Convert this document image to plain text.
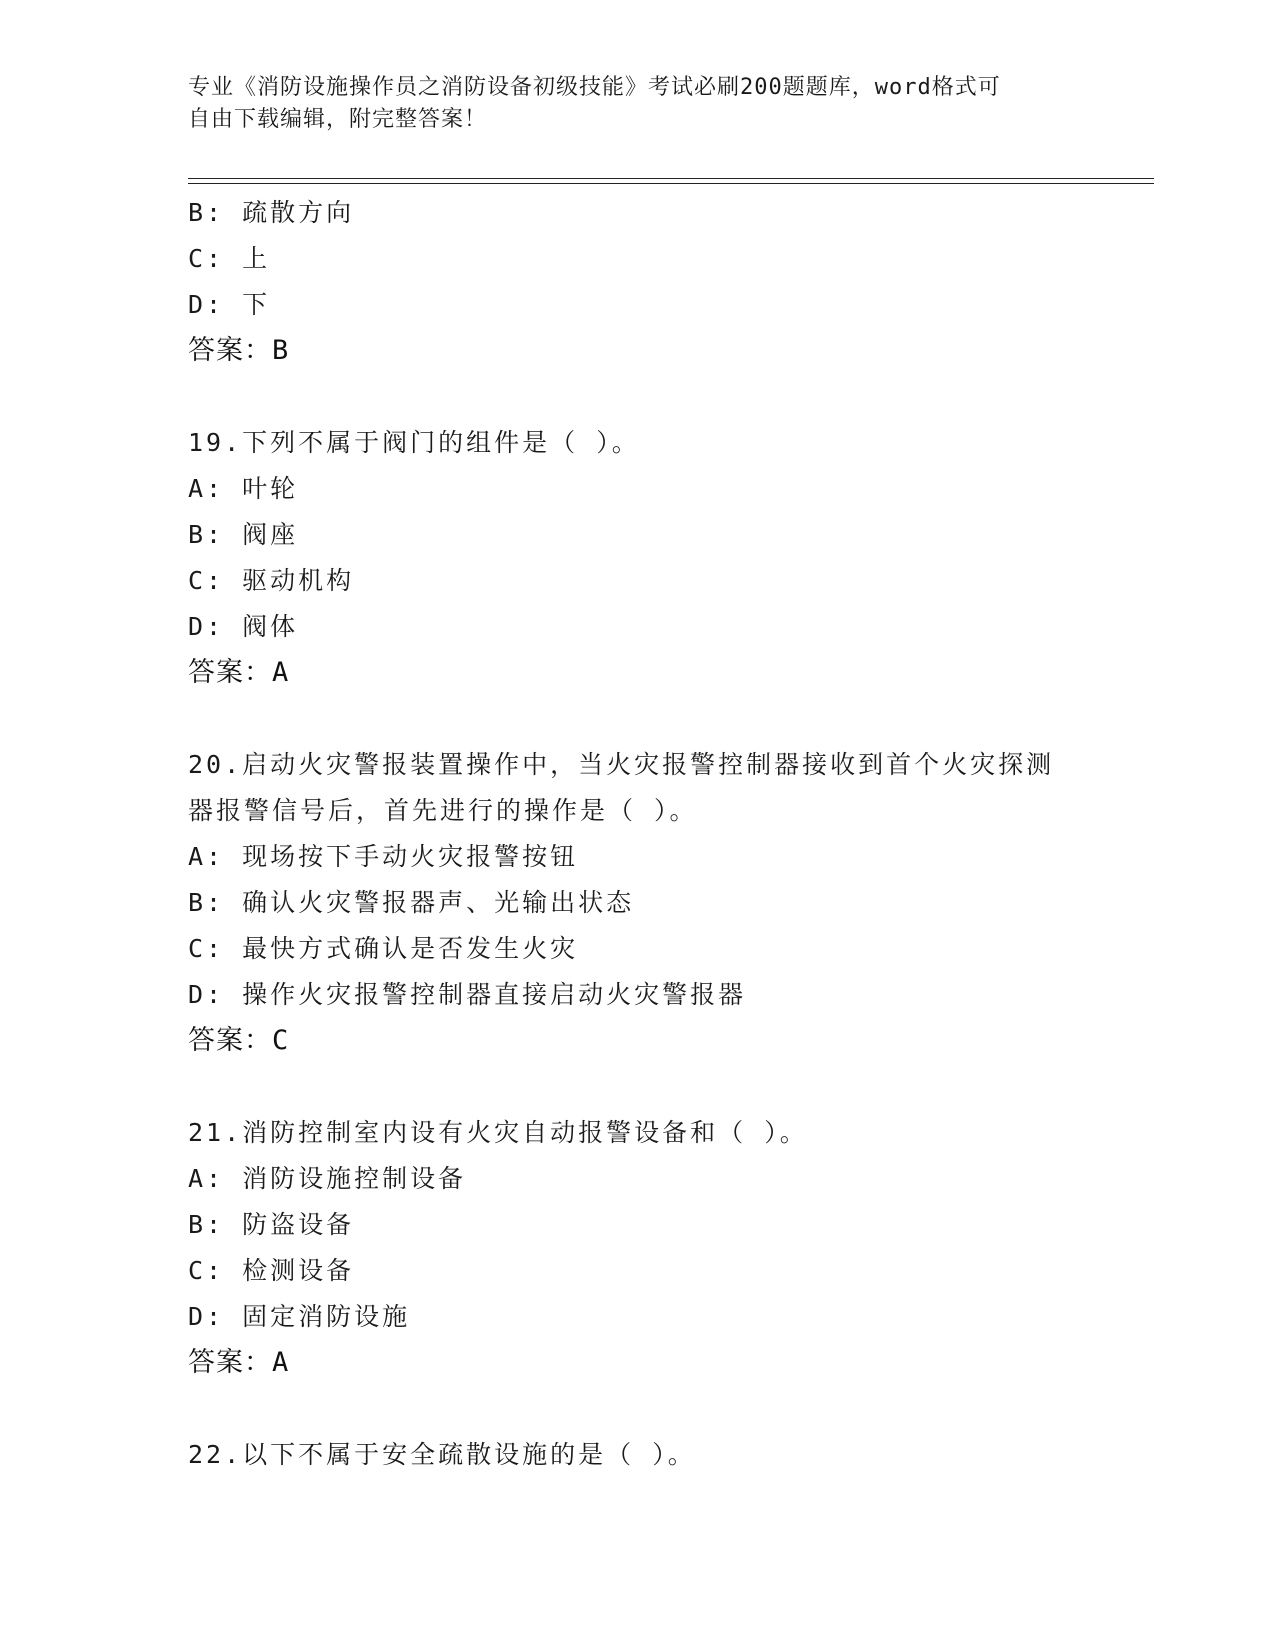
专业《消防设施操作员之消防设备初级技能》考试必刷200题题库，word格式可
自由下载编辑，附完整答案！
B: 疏散方向
C: 上
D: 下
答案：B
19.下列不属于阀门的组件是（ ）。
A: 叶轮
B: 阀座
C: 驱动机构
D: 阀体
答案：A
20.启动火灾警报装置操作中，当火灾报警控制器接收到首个火灾探测
器报警信号后，首先进行的操作是（ ）。
A: 现场按下手动火灾报警按钮
B: 确认火灾警报器声、光输出状态
C: 最快方式确认是否发生火灾
D: 操作火灾报警控制器直接启动火灾警报器
答案：C
21.消防控制室内设有火灾自动报警设备和（ ）。
A: 消防设施控制设备
B: 防盗设备
C: 检测设备
D: 固定消防设施
答案：A
22.以下不属于安全疏散设施的是（ ）。
